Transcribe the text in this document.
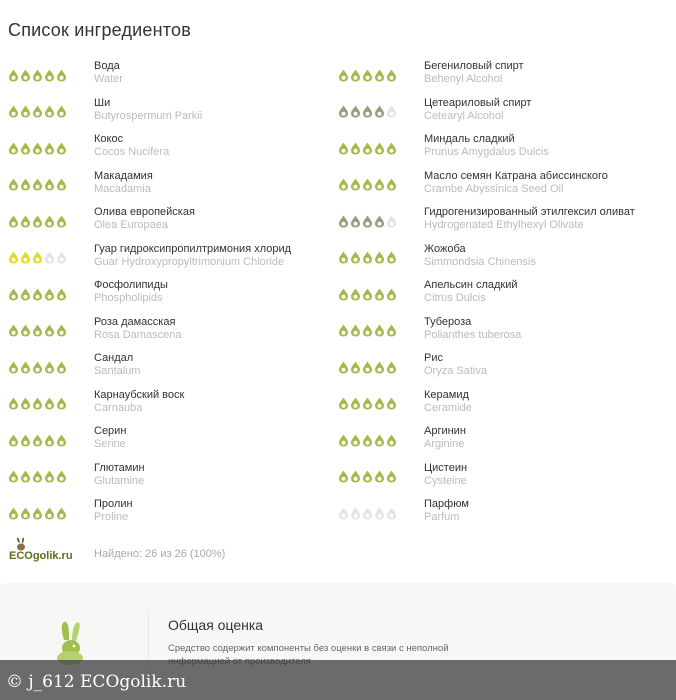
Список ингредиентов
Вода
Water
Ши
Butyrospermum Parkii
Кокос
Cocos Nucifera
Макадамия
Macadamia
Олива европейская
Olea Europaea
Гуар гидроксипропилтримония хлорид
Guar Hydroxypropyltrimonium Chloride
Фосфолипиды
Phospholipids
Роза дамасская
Rosa Damascena
Сандал
Santalum
Карнаубский воск
Carnauba
Серин
Serine
Глютамин
Glutamine
Пролин
Proline
Бегениловый спирт
Behenyl Alcohol
Цетеариловый спирт
Cetearyl Alcohol
Миндаль сладкий
Prunus Amygdalus Dulcis
Масло семян Катрана абиссинского
Crambe Abyssinica Seed Oil
Гидрогенизированный этилгексил оливат
Hydrogenated Ethylhexyl Olivate
Жожоба
Simmondsia Chinensis
Апельсин сладкий
Citrus Dulcis
Тубероза
Polianthes tuberosa
Рис
Oryza Sativa
Керамид
Ceramide
Аргинин
Arginine
Цистеин
Cysteine
Парфюм
Parfum
ECOgolik.ru Найдено: 26 из 26 (100%)
Общая оценка
Средство содержит компоненты без оценки в связи с неполной
© j_612 ECOgolik.ru
